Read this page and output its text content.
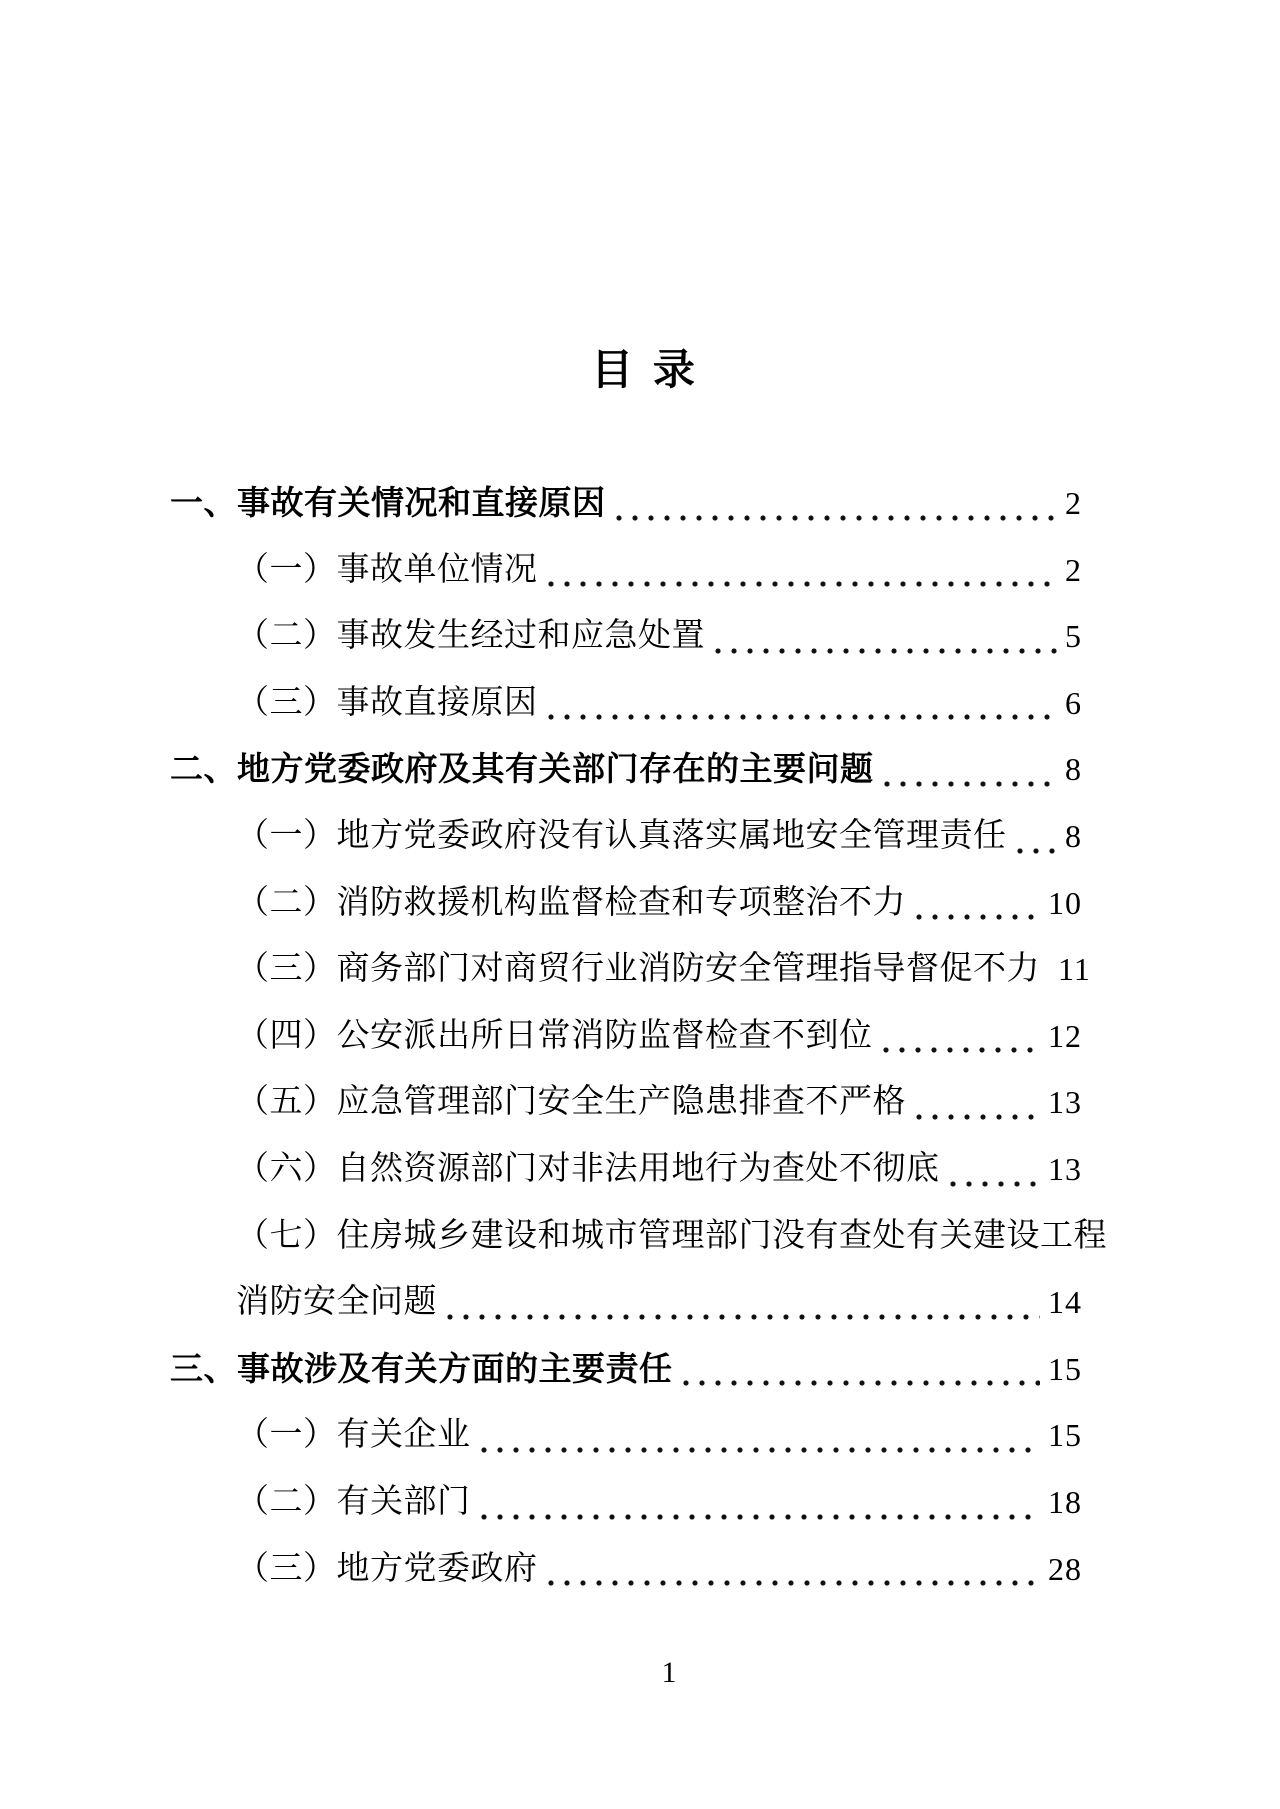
目 录
一、事故有关情况和直接原因	2
（一）事故单位情况	2
（二）事故发生经过和应急处置	5
（三）事故直接原因	6
二、地方党委政府及其有关部门存在的主要问题	8
（一）地方党委政府没有认真落实属地安全管理责任 8
（二）消防救援机构监督检查和专项整治不力	10
（三）商务部门对商贸行业消防安全管理指导督促不力 11
（四）公安派出所日常消防监督检查不到位	12
（五）应急管理部门安全生产隐患排查不严格	13
（六）自然资源部门对非法用地行为查处不彻底	13
（七）住房城乡建设和城市管理部门没有查处有关建设工程
消防安全问题	14
三、事故涉及有关方面的主要责任	15
（一）有关企业	15
（二）有关部门	18
（三）地方党委政府	28
1
